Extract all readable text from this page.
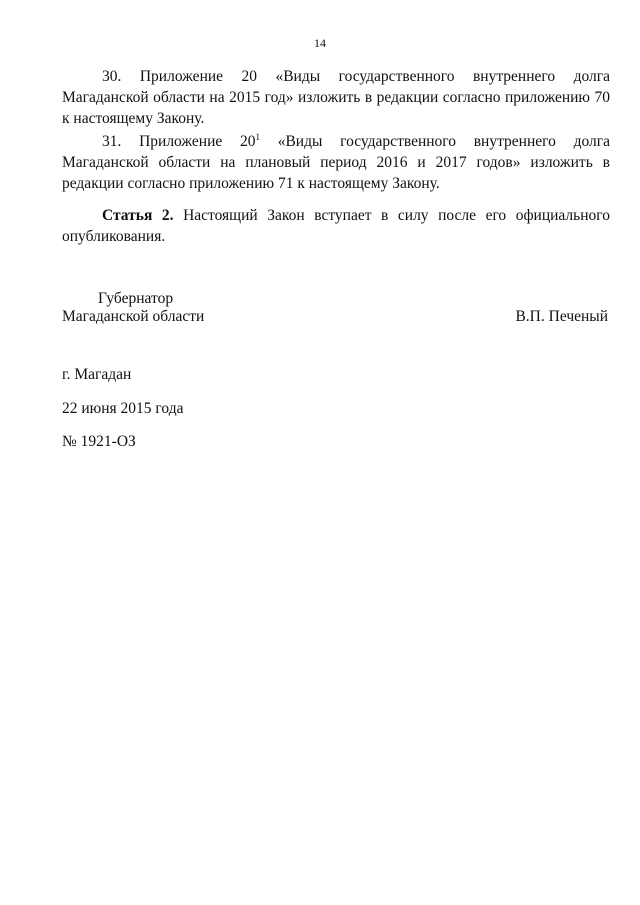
14

30. Приложение 20 «Виды государственного внутреннего долга Магаданской области на 2015 год» изложить в редакции согласно приложению 70 к настоящему Закону.

31. Приложение $20^1$ «Виды государственного внутреннего долга Магаданской области на плановый период 2016 и 2017 годов» изложить в редакции согласно приложению 71 к настоящему Закону.

Статья 2. Настоящий Закон вступает в силу после его официального опубликования.

Губернатор
Магаданской области	В.П. Печеный
г. Магадан
22 июня 2015 года
№ 1921-ОЗ
